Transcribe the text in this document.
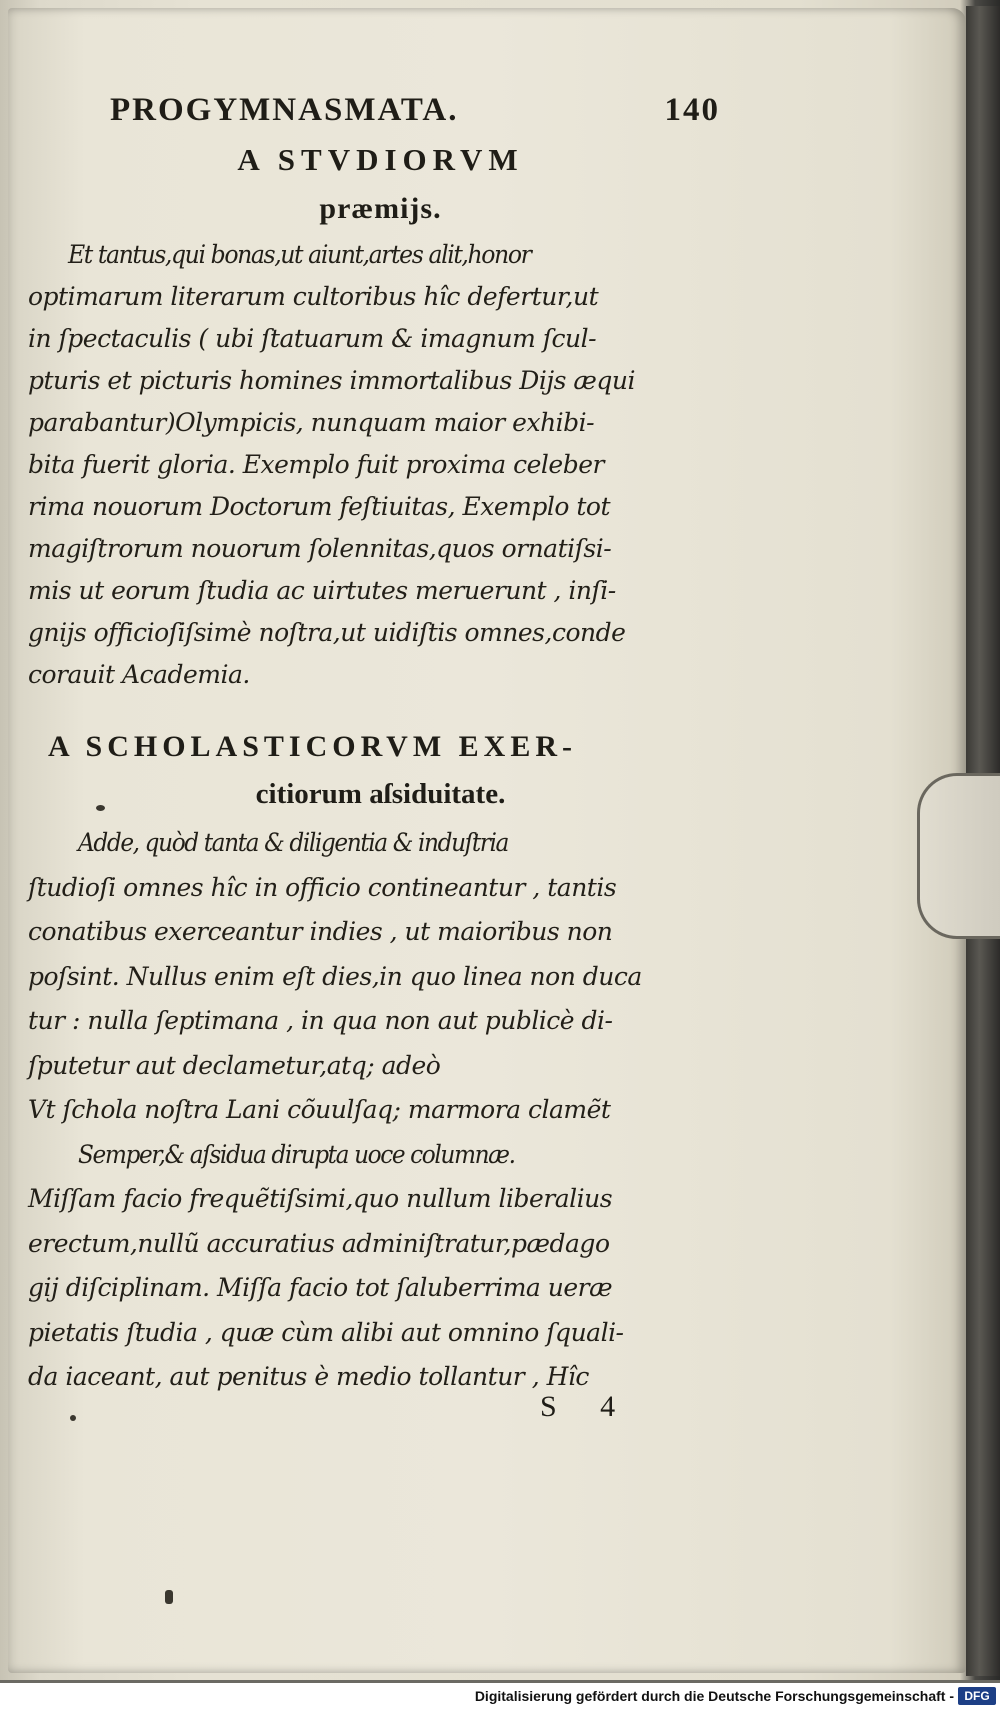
PROGYMNASMATA.	140
A STVDIORVM
præmijs.
Et tantus,qui bonas,ut aiunt,artes alit,honor
optimarum literarum cultoribus hîc defertur,ut
in ſpectaculis ( ubi ſtatuarum & imagnum ſcul-
pturis et picturis homines immortalibus Dijs æqui
parabantur)Olympicis, nunquam maior exhibi-
bita fuerit gloria. Exemplo fuit proxima celeber
rima nouorum Doctorum feſtiuitas, Exemplo tot
magiſtrorum nouorum ſolennitas,quos ornatiſsi-
mis ut eorum ſtudia ac uirtutes meruerunt , inſi-
gnijs officioſiſsimè noſtra,ut uidiſtis omnes,conde
corauit Academia.
A SCHOLASTICORVM EXER-
citiorum aſsiduitate.
Adde, quòd tanta & diligentia & induſtria
ſtudioſi omnes hîc in officio contineantur , tantis
conatibus exerceantur indies , ut maioribus non
poſsint. Nullus enim eſt dies,in quo linea non duca
tur : nulla ſeptimana , in qua non aut publicè di-
ſputetur aut declametur,atq; adeò
Vt ſchola noſtra Lani cõuulſaq; marmora clamẽt
Semper,& aſsidua dirupta uoce columnæ.
Miſſam facio frequẽtiſsimi,quo nullum liberalius
erectum,nullũ accuratius adminiſtratur,pædago
gij diſciplinam. Miſſa facio tot ſaluberrima ueræ
pietatis ſtudia , quæ cùm alibi aut omnino ſquali-
da iaceant, aut penitus è medio tollantur , Hîc
S 4
Digitalisierung gefördert durch die Deutsche Forschungsgemeinschaft - DFG
